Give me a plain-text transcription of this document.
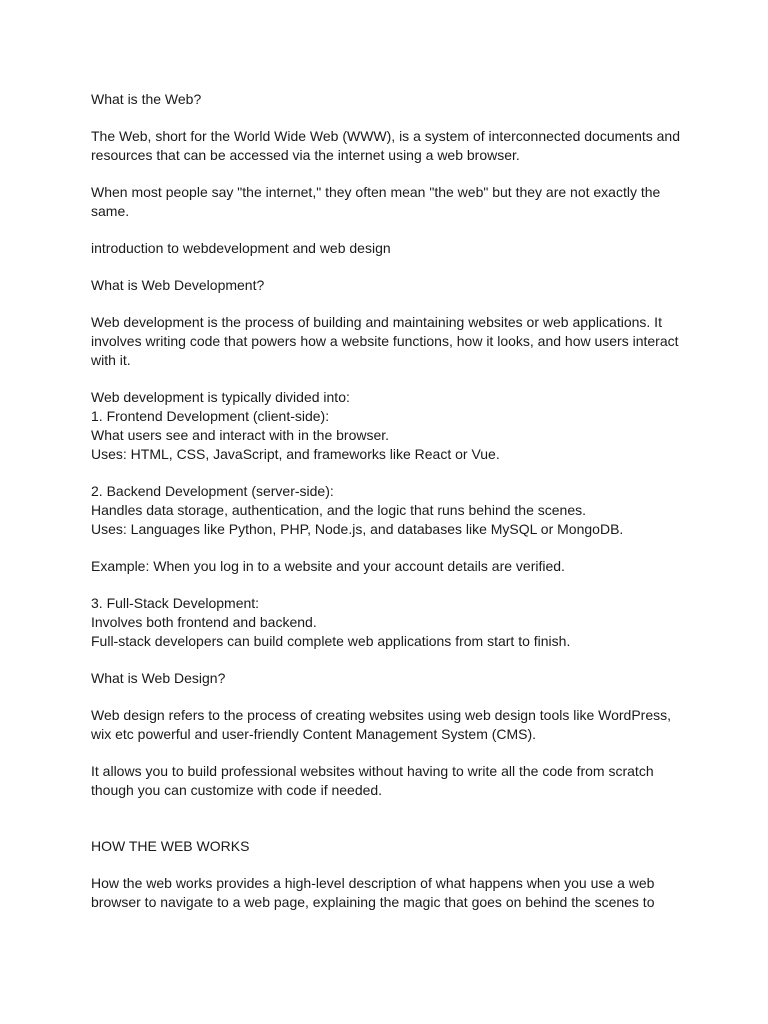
What is the Web?

The Web, short for the World Wide Web (WWW), is a system of interconnected documents and
resources that can be accessed via the internet using a web browser.

When most people say "the internet," they often mean "the web" but they are not exactly the
same.

introduction to webdevelopment and web design

What is Web Development?

Web development is the process of building and maintaining websites or web applications. It
involves writing code that powers how a website functions, how it looks, and how users interact
with it.

Web development is typically divided into:
1. Frontend Development (client-side):
What users see and interact with in the browser.
Uses: HTML, CSS, JavaScript, and frameworks like React or Vue.

2. Backend Development (server-side):
Handles data storage, authentication, and the logic that runs behind the scenes.
Uses: Languages like Python, PHP, Node.js, and databases like MySQL or MongoDB.

Example: When you log in to a website and your account details are verified.

3. Full-Stack Development:
Involves both frontend and backend.
Full-stack developers can build complete web applications from start to finish.

What is Web Design?

Web design refers to the process of creating websites using web design tools like WordPress,
wix etc powerful and user-friendly Content Management System (CMS).

It allows you to build professional websites without having to write all the code from scratch
though you can customize with code if needed.

HOW THE WEB WORKS

How the web works provides a high-level description of what happens when you use a web
browser to navigate to a web page, explaining the magic that goes on behind the scenes to
